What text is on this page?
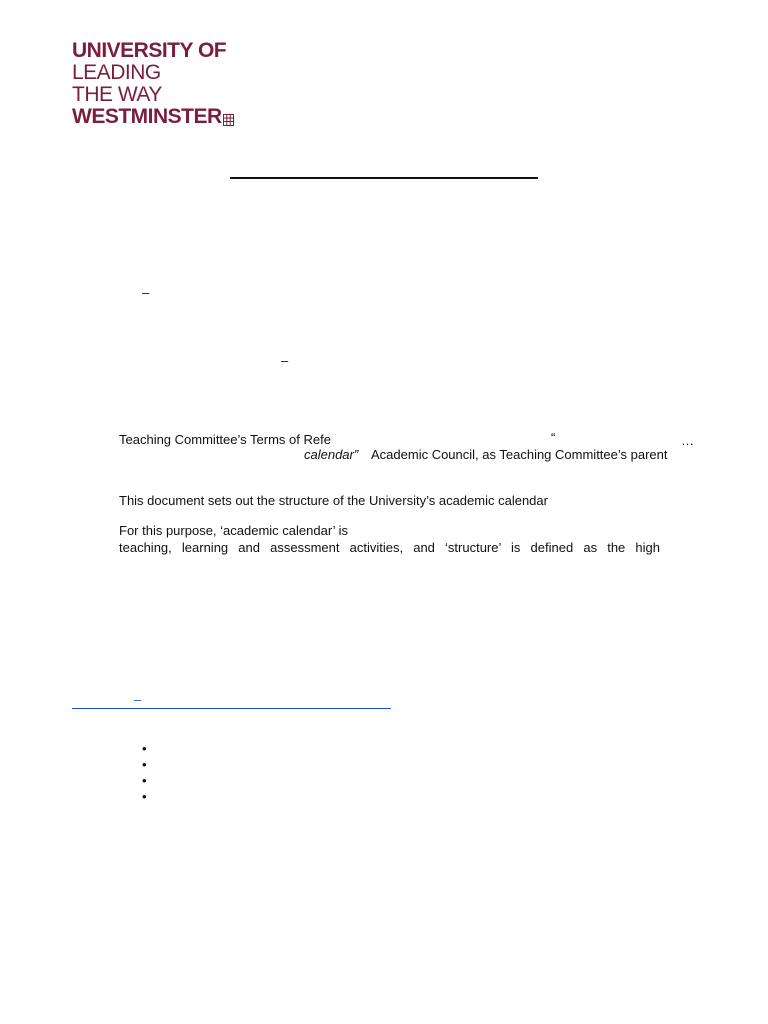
UNIVERSITY OF
LEADING
THE WAY
WESTMINSTER
–
–
Teaching Committee’s Terms of Refe	“	…
calendar” Academic Council, as Teaching Committee’s parent
This document sets out the structure of the University’s academic calendar
For this purpose, ‘academic calendar’ is
teaching, learning and assessment activities, and ‘structure’ is defined as the high
–
•
•
•
•
